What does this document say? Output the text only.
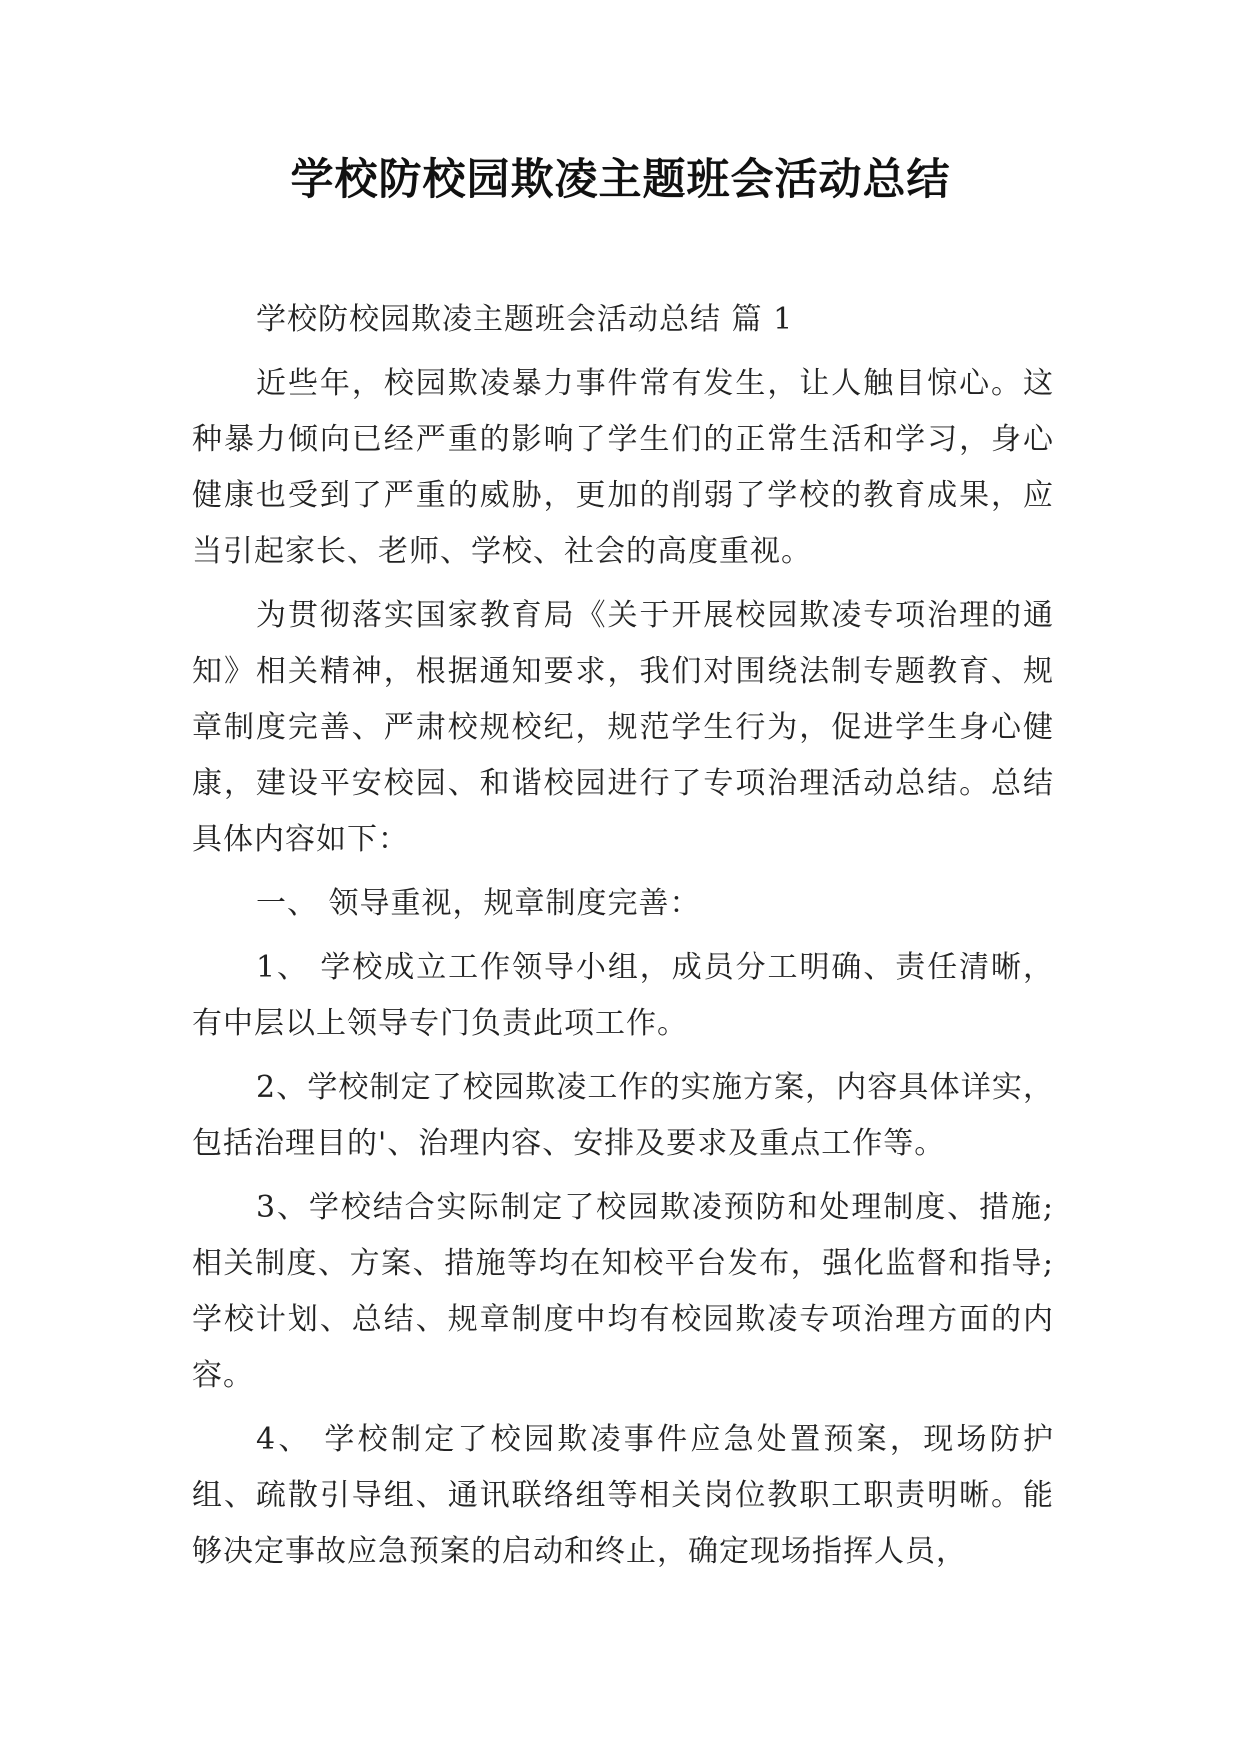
学校防校园欺凌主题班会活动总结

学校防校园欺凌主题班会活动总结 篇 1

近些年，校园欺凌暴力事件常有发生，让人触目惊心。这种暴力倾向已经严重的影响了学生们的正常生活和学习，身心健康也受到了严重的威胁，更加的削弱了学校的教育成果，应当引起家长、老师、学校、社会的高度重视。

为贯彻落实国家教育局《关于开展校园欺凌专项治理的通知》相关精神，根据通知要求，我们对围绕法制专题教育、规章制度完善、严肃校规校纪，规范学生行为，促进学生身心健康，建设平安校园、和谐校园进行了专项治理活动总结。总结具体内容如下：

一、 领导重视，规章制度完善：

1、 学校成立工作领导小组，成员分工明确、责任清晰，有中层以上领导专门负责此项工作。

2、学校制定了校园欺凌工作的实施方案，内容具体详实，包括治理目的'、治理内容、安排及要求及重点工作等。

3、学校结合实际制定了校园欺凌预防和处理制度、措施;相关制度、方案、措施等均在知校平台发布，强化监督和指导;学校计划、总结、规章制度中均有校园欺凌专项治理方面的内容。

4、 学校制定了校园欺凌事件应急处置预案，现场防护组、疏散引导组、通讯联络组等相关岗位教职工职责明晰。能够决定事故应急预案的启动和终止，确定现场指挥人员，
